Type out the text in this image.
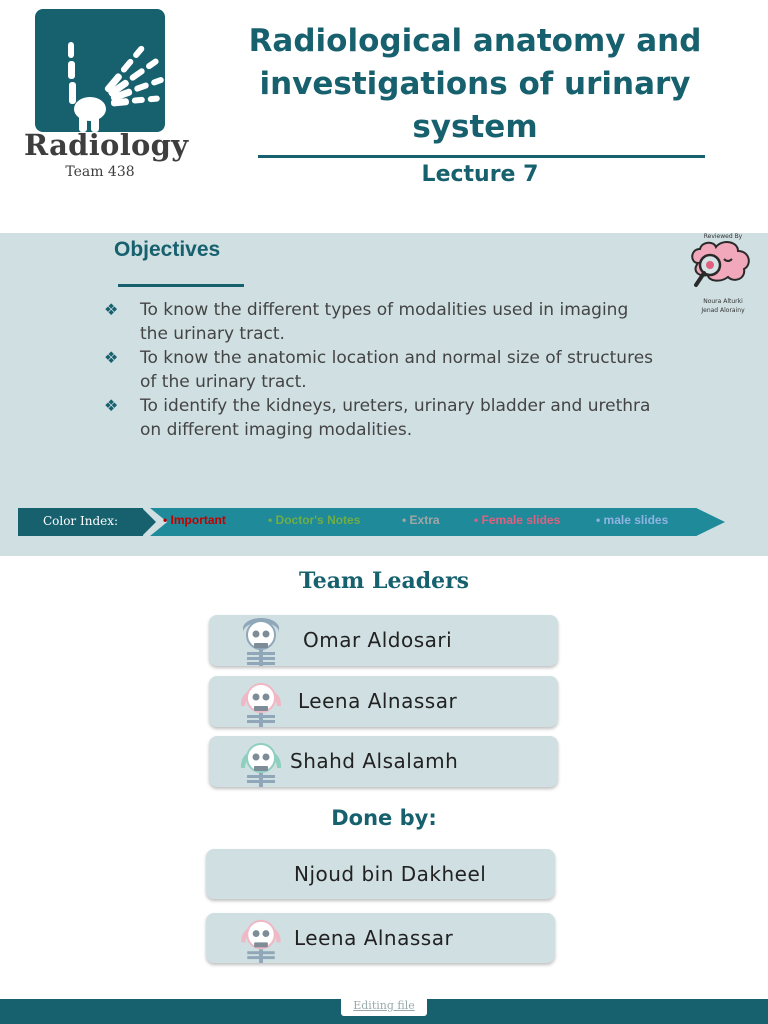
Radiology
Team 438
Radiological anatomy and
investigations of urinary
system
Lecture 7
Objectives
❖ To know the different types of modalities used in imaging the urinary tract.
❖ To know the anatomic location and normal size of structures of the urinary tract.
❖ To identify the kidneys, ureters, urinary bladder and urethra on different imaging modalities.
Reviewed By
Noura Alturki
Jenad Alorainy
Color Index:	• Important	• Doctor's Notes	• Extra	• Female slides	• male slides
Team Leaders
Omar Aldosari
Leena Alnassar
Shahd Alsalamh
Done by:
Njoud bin Dakheel
Leena Alnassar
Editing file
